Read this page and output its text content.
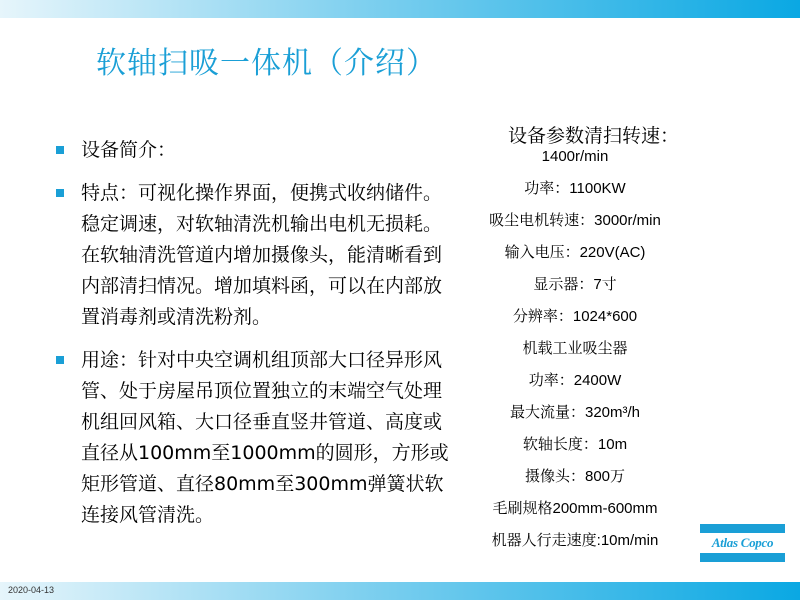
软轴扫吸一体机（介绍）
设备简介：
特点：可视化操作界面，便携式收纳储件。稳定调速，对软轴清洗机输出电机无损耗。在软轴清洗管道内增加摄像头，能清晰看到内部清扫情况。增加填料函，可以在内部放置消毒剂或清洗粉剂。
用途：针对中央空调机组顶部大口径异形风管、处于房屋吊顶位置独立的末端空气处理机组回风箱、大口径垂直竖井管道、高度或直径从100mm至1000mm的圆形，方形或矩形管道、直径80mm至300mm弹簧状软连接风管清洗。
设备参数清扫转速：
1400r/min
功率：1100KW
吸尘电机转速：3000r/min
输入电压：220V(AC)
显示器：7寸
分辨率：1024*600
机载工业吸尘器
功率：2400W
最大流量：320m³/h
软轴长度：10m
摄像头：800万
毛刷规格200mm-600mm
机器人行走速度:10m/min	Atlas Copco
2020-04-13
